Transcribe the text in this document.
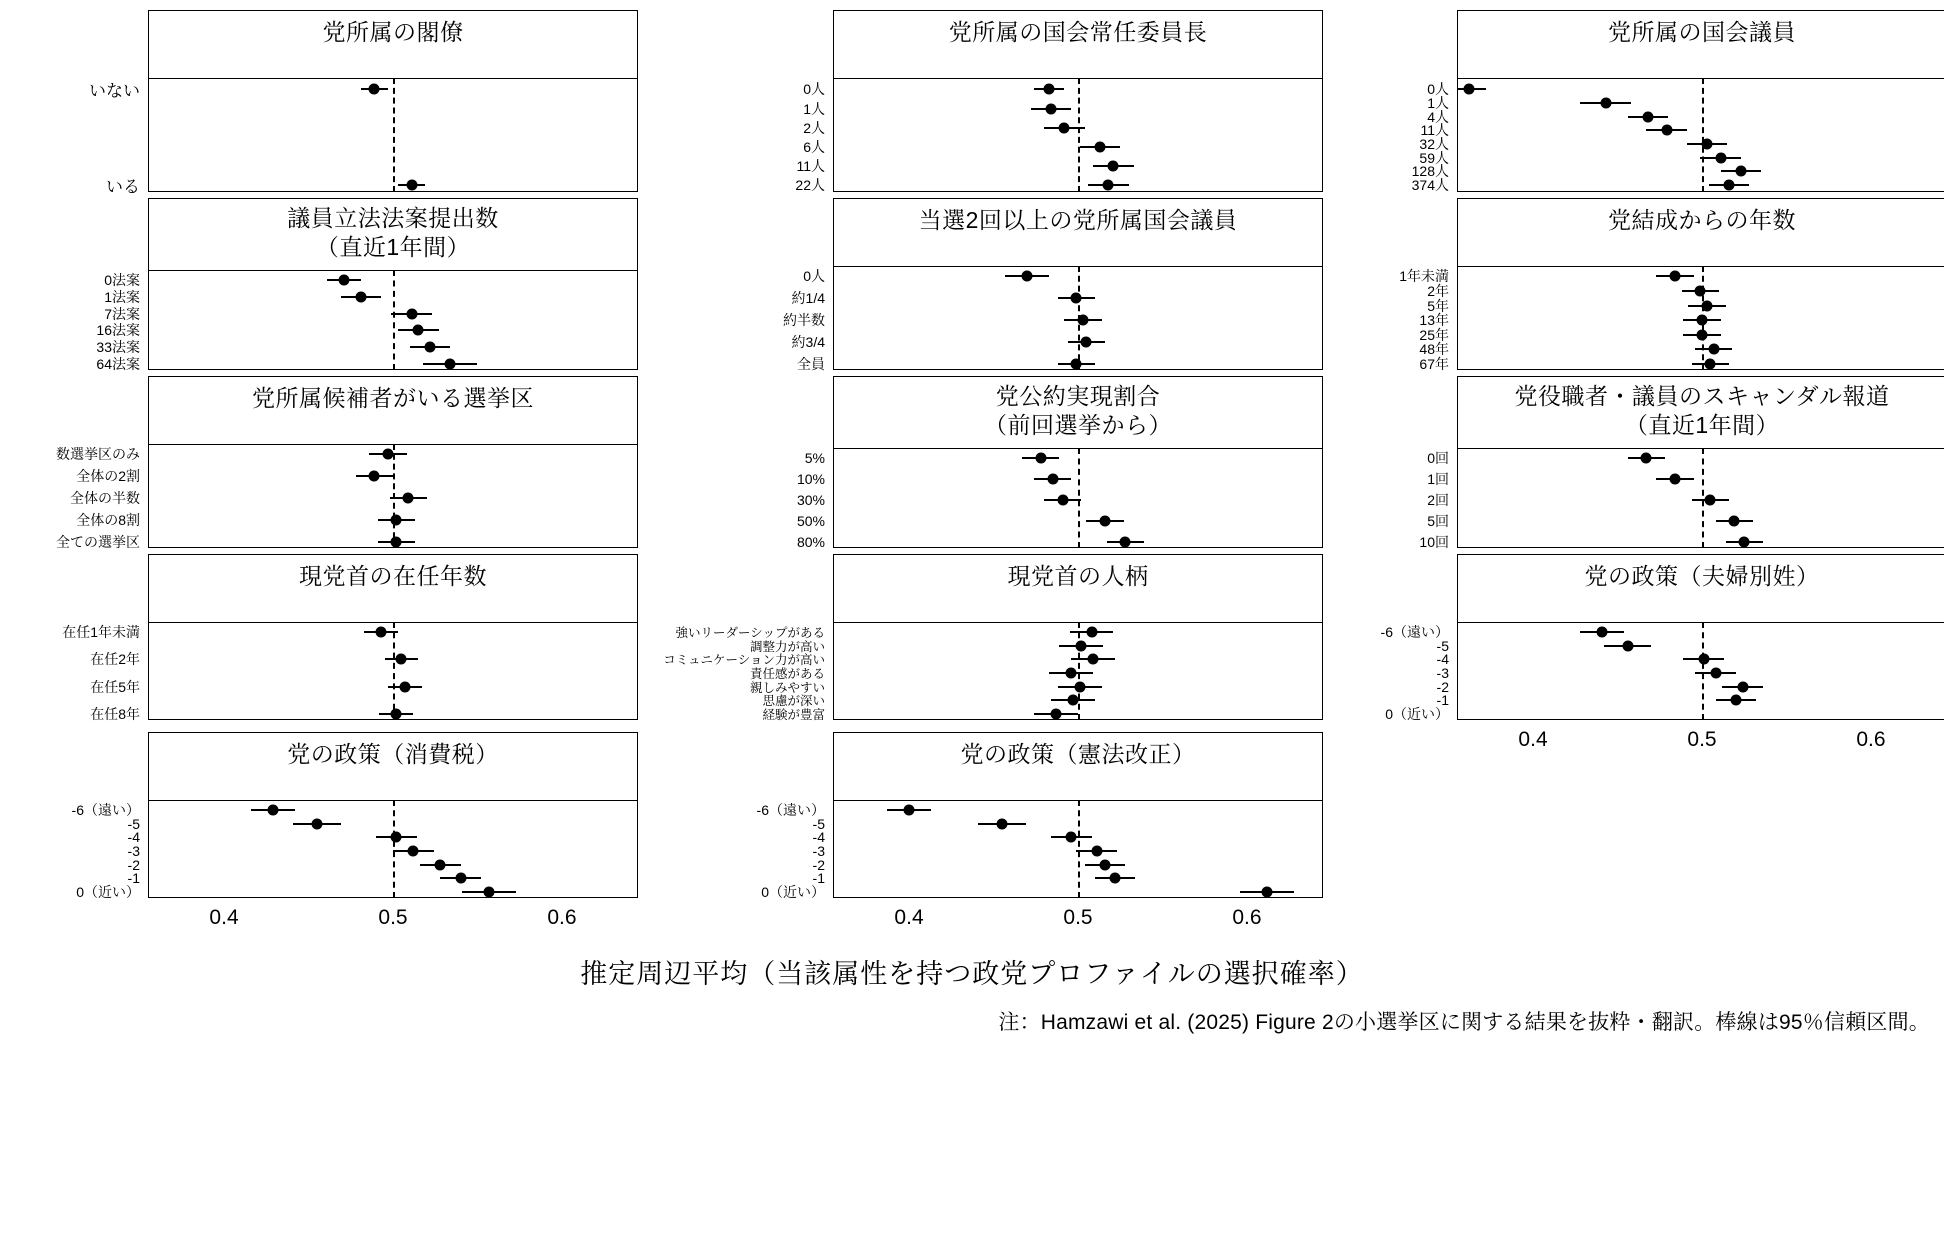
党所属の閣僚
いない
いる
党所属の国会常任委員長
0人
1人
2人
6人
11人
22人
党所属の国会議員
0人
1人
4人
11人
32人
59人
128人
374人
議員立法法案提出数
（直近1年間）
0法案
1法案
7法案
16法案
33法案
64法案
当選2回以上の党所属国会議員
0人
約1/4
約半数
約3/4
全員
党結成からの年数
1年未満
2年
5年
13年
25年
48年
67年
党所属候補者がいる選挙区
数選挙区のみ
全体の2割
全体の半数
全体の8割
全ての選挙区
党公約実現割合
（前回選挙から）
5%
10%
30%
50%
80%
党役職者・議員のスキャンダル報道
（直近1年間）
0回
1回
2回
5回
10回
現党首の在任年数
在任1年未満
在任2年
在任5年
在任8年
現党首の人柄
強いリーダーシップがある
調整力が高い
コミュニケーション力が高い
責任感がある
親しみやすい
思慮が深い
経験が豊富
党の政策（夫婦別姓）
-6（遠い）
-5
-4
-3
-2
-1
0（近い）
党の政策（消費税）
-6（遠い）
-5
-4
-3
-2
-1
0（近い）
党の政策（憲法改正）
-6（遠い）
-5
-4
-3
-2
-1
0（近い）
0.4	0.5	0.6
0.4	0.5	0.6	0.4	0.5	0.6
推定周辺平均（当該属性を持つ政党プロファイルの選択確率）
注：Hamzawi et al. (2025) Figure 2の小選挙区に関する結果を抜粋・翻訳。棒線は95％信頼区間。
